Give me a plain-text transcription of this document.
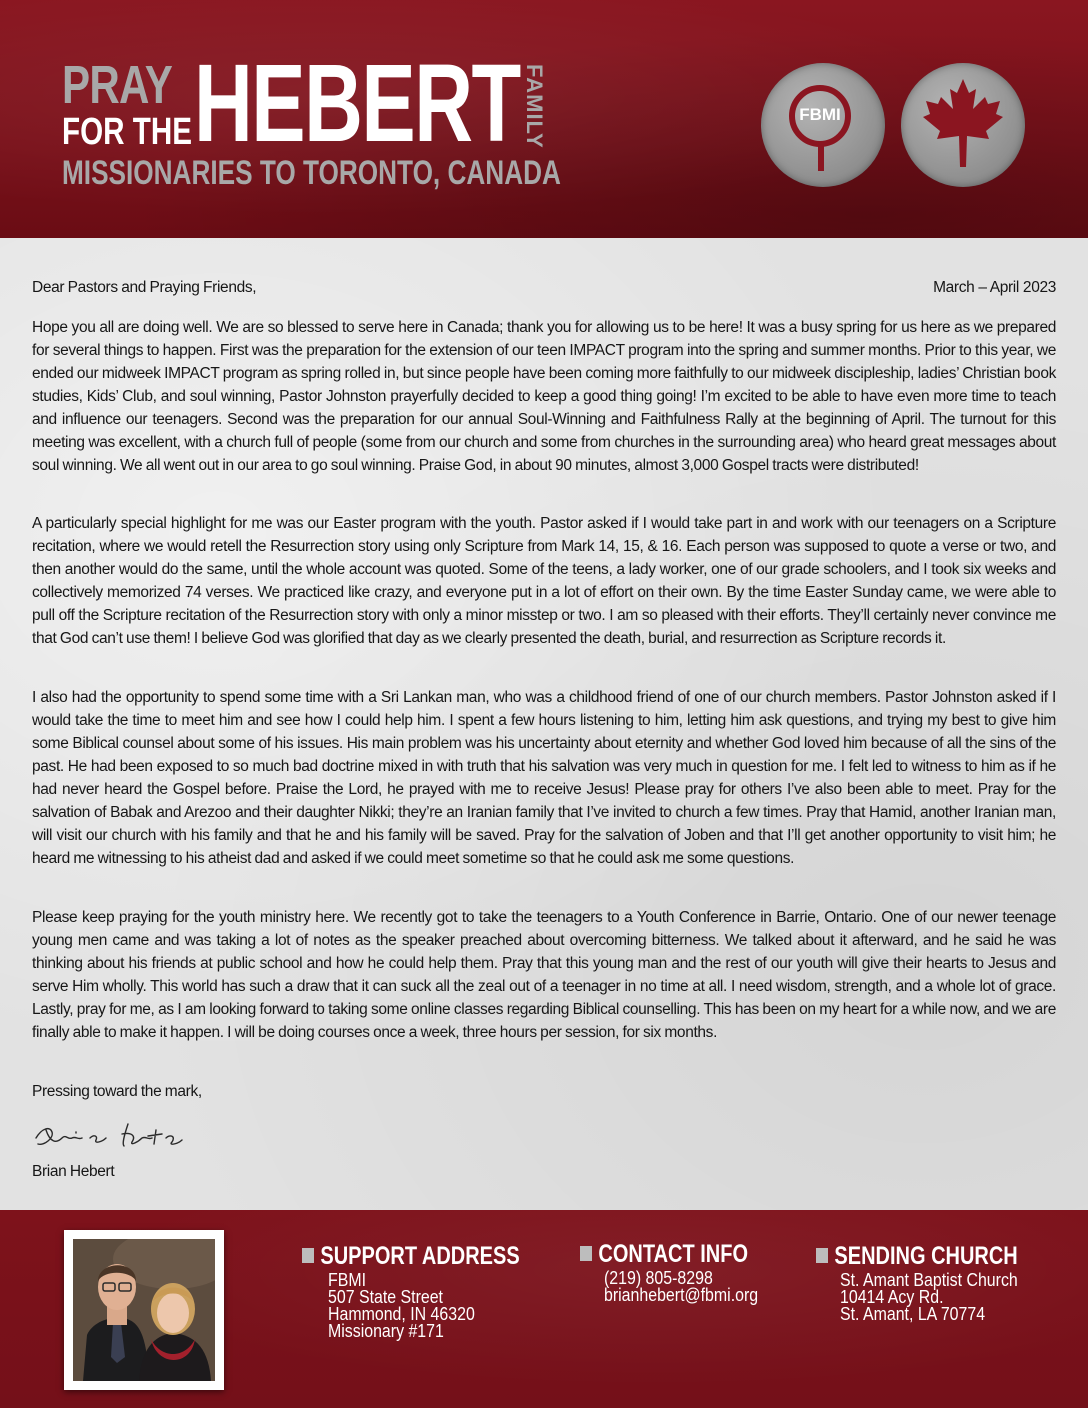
PRAY
FOR THE HEBERT FAMILY
MISSIONARIES TO TORONTO, CANADA
FBMI
Dear Pastors and Praying Friends,	March – April 2023
Hope you all are doing well. We are so blessed to serve here in Canada; thank you for allowing us to be here! It was a busy spring for us here as we prepared for several things to happen. First was the preparation for the extension of our teen IMPACT program into the spring and summer months. Prior to this year, we ended our midweek IMPACT program as spring rolled in, but since people have been coming more faithfully to our midweek discipleship, ladies’ Christian book studies, Kids’ Club, and soul winning, Pastor Johnston prayerfully decided to keep a good thing going! I’m excited to be able to have even more time to teach and influence our teenagers. Second was the preparation for our annual Soul-Winning and Faithfulness Rally at the beginning of April. The turnout for this meeting was excellent, with a church full of people (some from our church and some from churches in the surrounding area) who heard great messages about soul winning. We all went out in our area to go soul winning. Praise God, in about 90 minutes, almost 3,000 Gospel tracts were distributed!
A particularly special highlight for me was our Easter program with the youth. Pastor asked if I would take part in and work with our teenagers on a Scripture recitation, where we would retell the Resurrection story using only Scripture from Mark 14, 15, & 16. Each person was supposed to quote a verse or two, and then another would do the same, until the whole account was quoted. Some of the teens, a lady worker, one of our grade schoolers, and I took six weeks and collectively memorized 74 verses. We practiced like crazy, and everyone put in a lot of effort on their own. By the time Easter Sunday came, we were able to pull off the Scripture recitation of the Resurrection story with only a minor misstep or two. I am so pleased with their efforts. They’ll certainly never convince me that God can’t use them! I believe God was glorified that day as we clearly presented the death, burial, and resurrection as Scripture records it.
I also had the opportunity to spend some time with a Sri Lankan man, who was a childhood friend of one of our church members. Pastor Johnston asked if I would take the time to meet him and see how I could help him. I spent a few hours listening to him, letting him ask questions, and trying my best to give him some Biblical counsel about some of his issues. His main problem was his uncertainty about eternity and whether God loved him because of all the sins of the past. He had been exposed to so much bad doctrine mixed in with truth that his salvation was very much in question for me. I felt led to witness to him as if he had never heard the Gospel before. Praise the Lord, he prayed with me to receive Jesus! Please pray for others I’ve also been able to meet. Pray for the salvation of Babak and Arezoo and their daughter Nikki; they’re an Iranian family that I’ve invited to church a few times. Pray that Hamid, another Iranian man, will visit our church with his family and that he and his family will be saved. Pray for the salvation of Joben and that I’ll get another opportunity to visit him; he heard me witnessing to his atheist dad and asked if we could meet sometime so that he could ask me some questions.
Please keep praying for the youth ministry here. We recently got to take the teenagers to a Youth Conference in Barrie, Ontario. One of our newer teenage young men came and was taking a lot of notes as the speaker preached about overcoming bitterness. We talked about it afterward, and he said he was thinking about his friends at public school and how he could help them. Pray that this young man and the rest of our youth will give their hearts to Jesus and serve Him wholly. This world has such a draw that it can suck all the zeal out of a teenager in no time at all. I need wisdom, strength, and a whole lot of grace. Lastly, pray for me, as I am looking forward to taking some online classes regarding Biblical counselling. This has been on my heart for a while now, and we are finally able to make it happen. I will be doing courses once a week, three hours per session, for six months.
Pressing toward the mark,
Brian Hebert
SUPPORT ADDRESS
FBMI
507 State Street
Hammond, IN 46320
Missionary #171
CONTACT INFO
(219) 805-8298
brianhebert@fbmi.org
SENDING CHURCH
St. Amant Baptist Church
10414 Acy Rd.
St. Amant, LA 70774
